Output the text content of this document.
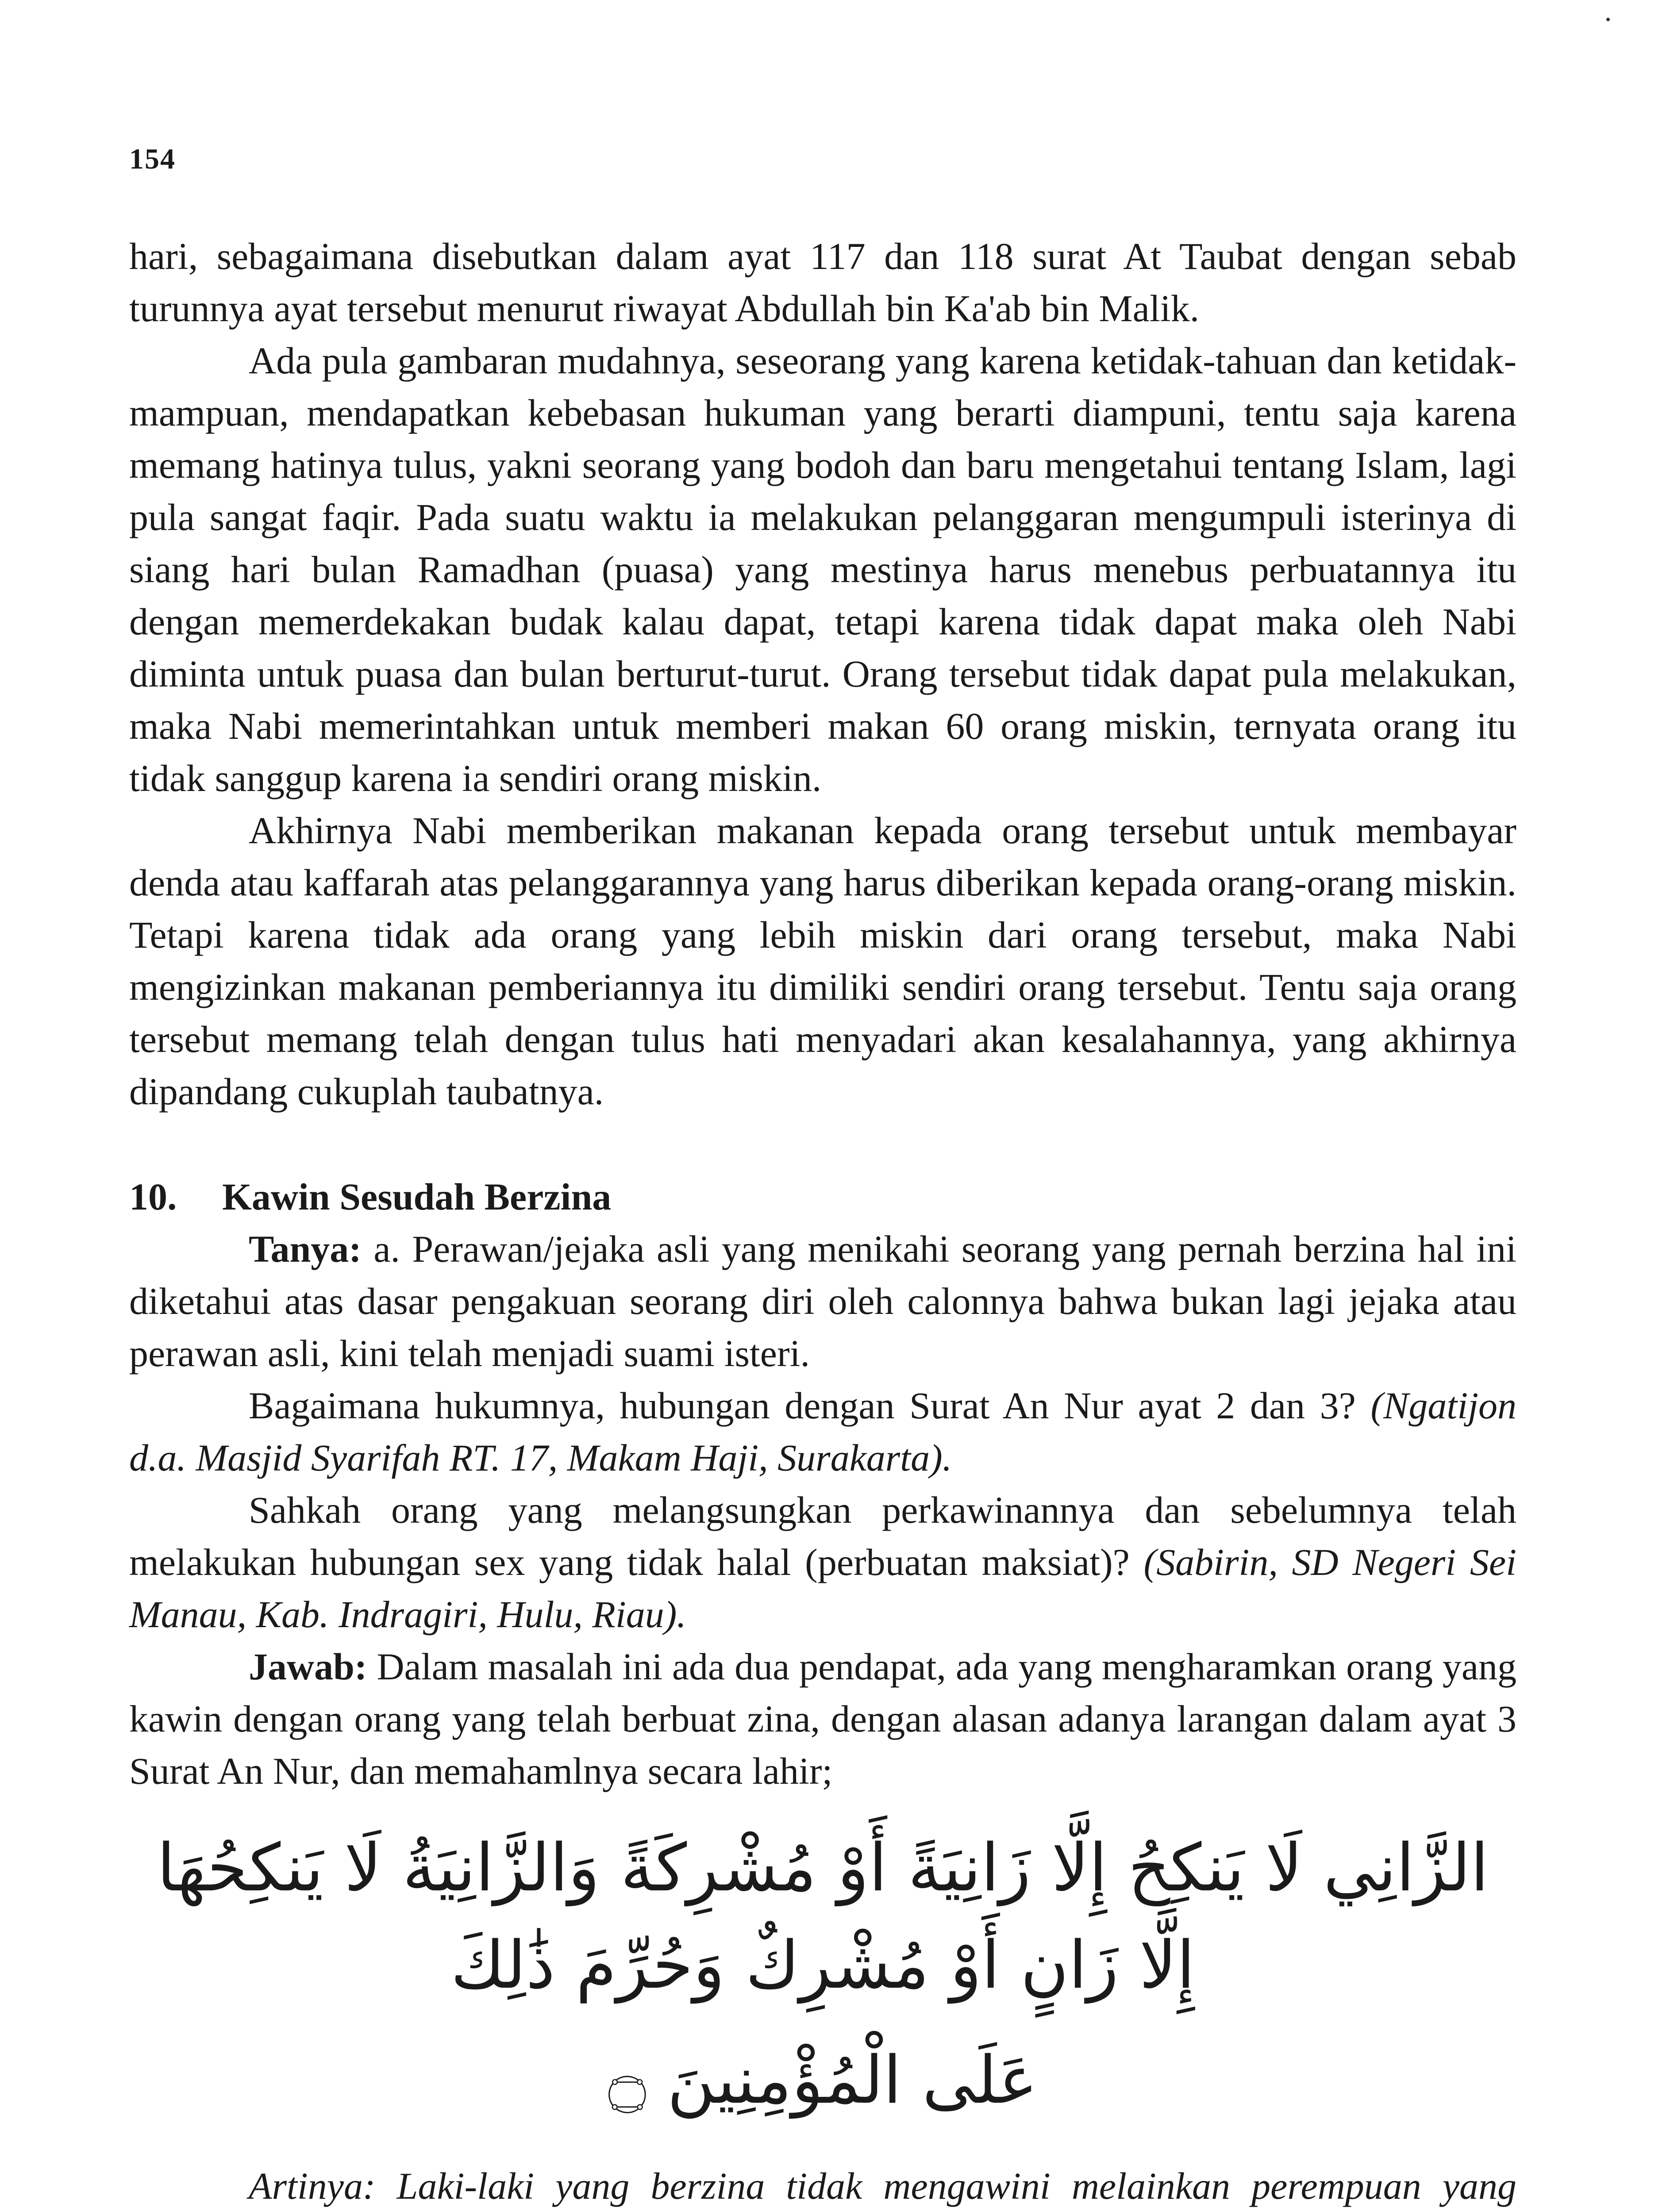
154

hari, sebagaimana disebutkan dalam ayat 117 dan 118 surat At Taubat dengan sebab turunnya ayat tersebut menurut riwayat Abdullah bin Ka'ab bin Malik.

Ada pula gambaran mudahnya, seseorang yang karena ketidak-tahuan dan ketidak-mampuan, mendapatkan kebebasan hukuman yang berarti diampuni, tentu saja karena memang hatinya tulus, yakni seorang yang bodoh dan baru mengetahui tentang Islam, lagi pula sangat faqir. Pada suatu waktu ia melakukan pelanggaran mengumpuli isterinya di siang hari bulan Ramadhan (puasa) yang mestinya harus menebus perbuatannya itu dengan memerdekakan budak kalau dapat, tetapi karena tidak dapat maka oleh Nabi diminta untuk puasa dan bulan berturut-turut. Orang tersebut tidak dapat pula melakukan, maka Nabi memerintahkan untuk memberi makan 60 orang miskin, ternyata orang itu tidak sanggup karena ia sendiri orang miskin.

Akhirnya Nabi memberikan makanan kepada orang tersebut untuk membayar denda atau kaffarah atas pelanggarannya yang harus diberikan kepada orang-orang miskin. Tetapi karena tidak ada orang yang lebih miskin dari orang tersebut, maka Nabi mengizinkan makanan pemberiannya itu dimiliki sendiri orang tersebut. Tentu saja orang tersebut memang telah dengan tulus hati menyadari akan kesalahannya, yang akhirnya dipandang cukuplah taubatnya.

10. Kawin Sesudah Berzina

Tanya: a. Perawan/jejaka asli yang menikahi seorang yang pernah berzina hal ini diketahui atas dasar pengakuan seorang diri oleh calonnya bahwa bukan lagi jejaka atau perawan asli, kini telah menjadi suami isteri.

Bagaimana hukumnya, hubungan dengan Surat An Nur ayat 2 dan 3? (Ngatijon d.a. Masjid Syarifah RT. 17, Makam Haji, Surakarta).

Sahkah orang yang melangsungkan perkawinannya dan sebelumnya telah melakukan hubungan sex yang tidak halal (perbuatan maksiat)? (Sabirin, SD Negeri Sei Manau, Kab. Indragiri, Hulu, Riau).

Jawab: Dalam masalah ini ada dua pendapat, ada yang mengharamkan orang yang kawin dengan orang yang telah berbuat zina, dengan alasan adanya larangan dalam ayat 3 Surat An Nur, dan memahamlnya secara lahir;

الزَّانِي لَا يَنكِحُ إِلَّا زَانِيَةً أَوْ مُشْرِكَةً وَالزَّانِيَةُ لَا يَنكِحُهَا إِلَّا زَانٍ أَوْ مُشْرِكٌ وَحُرِّمَ ذَٰلِكَ

عَلَى الْمُؤْمِنِينَ ۝

Artinya: Laki-laki yang berzina tidak mengawini melainkan perempuan yang
